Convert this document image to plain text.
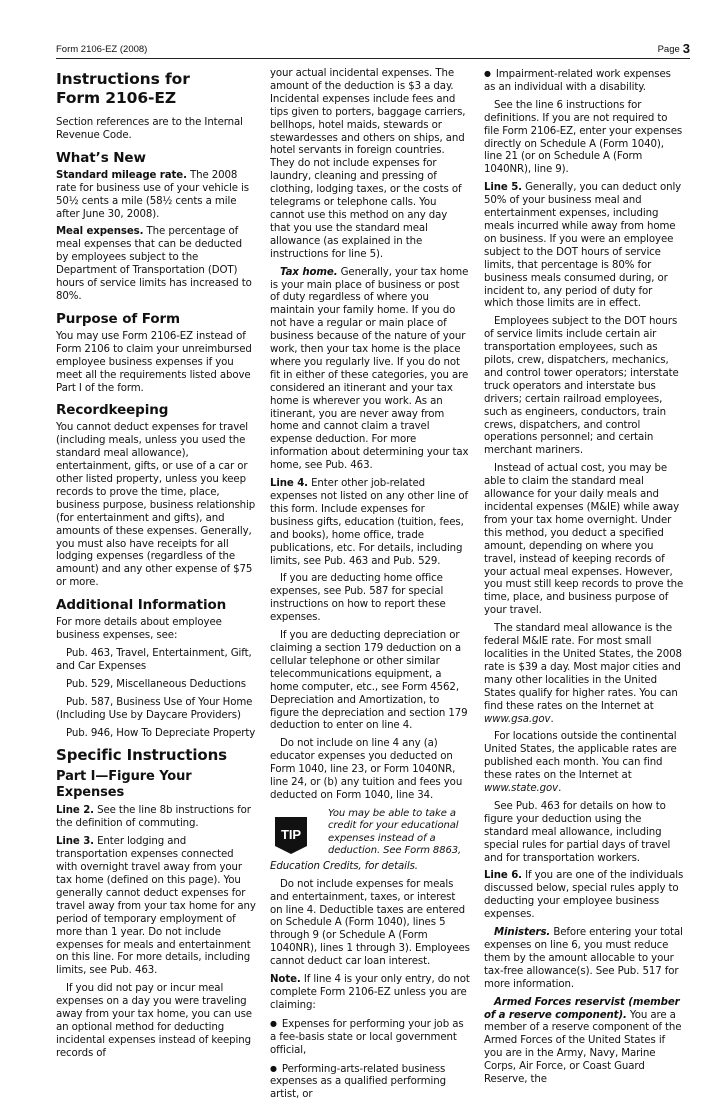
Form 2106-EZ (2008)	Page 3
Instructions for
Form 2106-EZ

Section references are to the Internal Revenue Code.

What’s New

Standard mileage rate. The 2008 rate for business use of your vehicle is 50½ cents a mile (58½ cents a mile after June 30, 2008).

Meal expenses. The percentage of meal expenses that can be deducted by employees subject to the Department of Transportation (DOT) hours of service limits has increased to 80%.

Purpose of Form

You may use Form 2106-EZ instead of Form 2106 to claim your unreimbursed employee business expenses if you meet all the requirements listed above Part I of the form.

Recordkeeping

You cannot deduct expenses for travel (including meals, unless you used the standard meal allowance), entertainment, gifts, or use of a car or other listed property, unless you keep records to prove the time, place, business purpose, business relationship (for entertainment and gifts), and amounts of these expenses. Generally, you must also have receipts for all lodging expenses (regardless of the amount) and any other expense of $75 or more.

Additional Information

For more details about employee business expenses, see:

Pub. 463, Travel, Entertainment, Gift, and Car Expenses

Pub. 529, Miscellaneous Deductions

Pub. 587, Business Use of Your Home (Including Use by Daycare Providers)

Pub. 946, How To Depreciate Property

Specific Instructions
Part I—Figure Your Expenses

Line 2. See the line 8b instructions for the definition of commuting.

Line 3. Enter lodging and transportation expenses connected with overnight travel away from your tax home (defined on this page). You generally cannot deduct expenses for travel away from your tax home for any period of temporary employment of more than 1 year. Do not include expenses for meals and entertainment on this line. For more details, including limits, see Pub. 463.

If you did not pay or incur meal expenses on a day you were traveling away from your tax home, you can use an optional method for deducting incidental expenses instead of keeping records of

your actual incidental expenses. The amount of the deduction is $3 a day. Incidental expenses include fees and tips given to porters, baggage carriers, bellhops, hotel maids, stewards or stewardesses and others on ships, and hotel servants in foreign countries. They do not include expenses for laundry, cleaning and pressing of clothing, lodging taxes, or the costs of telegrams or telephone calls. You cannot use this method on any day that you use the standard meal allowance (as explained in the instructions for line 5).

Tax home. Generally, your tax home is your main place of business or post of duty regardless of where you maintain your family home. If you do not have a regular or main place of business because of the nature of your work, then your tax home is the place where you regularly live. If you do not fit in either of these categories, you are considered an itinerant and your tax home is wherever you work. As an itinerant, you are never away from home and cannot claim a travel expense deduction. For more information about determining your tax home, see Pub. 463.

Line 4. Enter other job-related expenses not listed on any other line of this form. Include expenses for business gifts, education (tuition, fees, and books), home office, trade publications, etc. For details, including limits, see Pub. 463 and Pub. 529.

If you are deducting home office expenses, see Pub. 587 for special instructions on how to report these expenses.

If you are deducting depreciation or claiming a section 179 deduction on a cellular telephone or other similar telecommunications equipment, a home computer, etc., see Form 4562, Depreciation and Amortization, to figure the depreciation and section 179 deduction to enter on line 4.

Do not include on line 4 any (a) educator expenses you deducted on Form 1040, line 23, or Form 1040NR, line 24, or (b) any tuition and fees you deducted on Form 1040, line 34.

TIP
You may be able to take a credit for your educational expenses instead of a deduction. See Form 8863,

Education Credits, for details.

Do not include expenses for meals and entertainment, taxes, or interest on line 4. Deductible taxes are entered on Schedule A (Form 1040), lines 5 through 9 (or Schedule A (Form 1040NR), lines 1 through 3). Employees cannot deduct car loan interest.

Note. If line 4 is your only entry, do not complete Form 2106-EZ unless you are claiming:

● Expenses for performing your job as a fee-basis state or local government official,

● Performing-arts-related business expenses as a qualified performing artist, or

● Impairment-related work expenses as an individual with a disability.

See the line 6 instructions for definitions. If you are not required to file Form 2106-EZ, enter your expenses directly on Schedule A (Form 1040), line 21 (or on Schedule A (Form 1040NR), line 9).

Line 5. Generally, you can deduct only 50% of your business meal and entertainment expenses, including meals incurred while away from home on business. If you were an employee subject to the DOT hours of service limits, that percentage is 80% for business meals consumed during, or incident to, any period of duty for which those limits are in effect.

Employees subject to the DOT hours of service limits include certain air transportation employees, such as pilots, crew, dispatchers, mechanics, and control tower operators; interstate truck operators and interstate bus drivers; certain railroad employees, such as engineers, conductors, train crews, dispatchers, and control operations personnel; and certain merchant mariners.

Instead of actual cost, you may be able to claim the standard meal allowance for your daily meals and incidental expenses (M&IE) while away from your tax home overnight. Under this method, you deduct a specified amount, depending on where you travel, instead of keeping records of your actual meal expenses. However, you must still keep records to prove the time, place, and business purpose of your travel.

The standard meal allowance is the federal M&IE rate. For most small localities in the United States, the 2008 rate is $39 a day. Most major cities and many other localities in the United States qualify for higher rates. You can find these rates on the Internet at www.gsa.gov.

For locations outside the continental United States, the applicable rates are published each month. You can find these rates on the Internet at www.state.gov.

See Pub. 463 for details on how to figure your deduction using the standard meal allowance, including special rules for partial days of travel and for transportation workers.

Line 6. If you are one of the individuals discussed below, special rules apply to deducting your employee business expenses.

Ministers. Before entering your total expenses on line 6, you must reduce them by the amount allocable to your tax-free allowance(s). See Pub. 517 for more information.

Armed Forces reservist (member of a reserve component). You are a member of a reserve component of the Armed Forces of the United States if you are in the Army, Navy, Marine Corps, Air Force, or Coast Guard Reserve, the
